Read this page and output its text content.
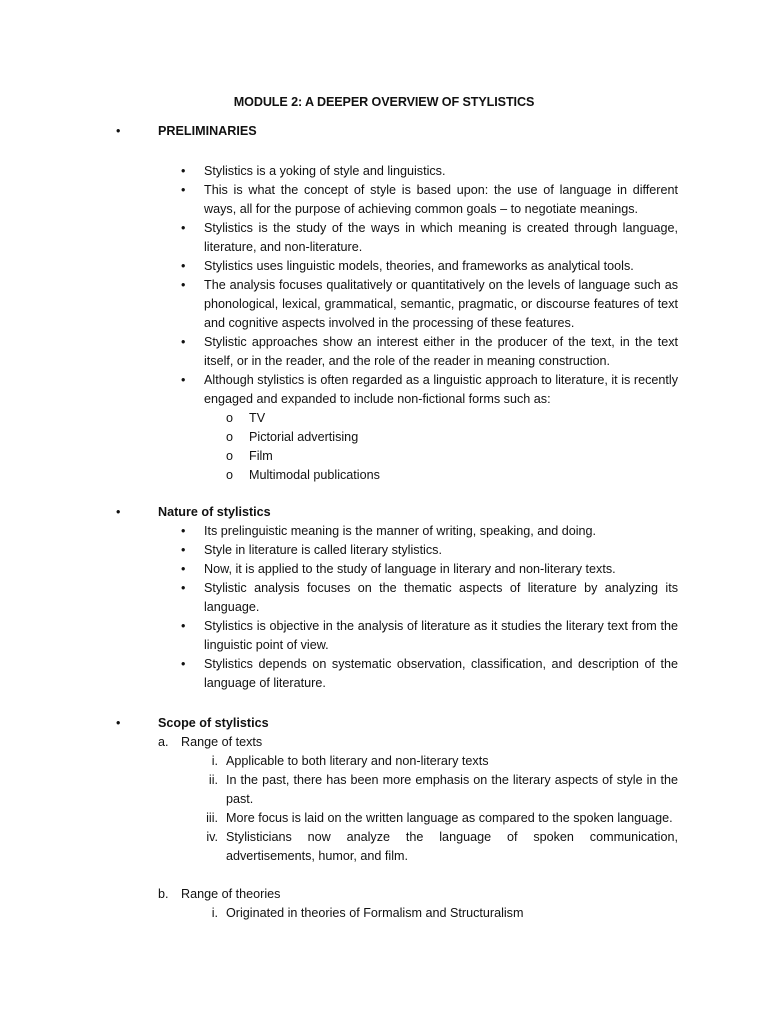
MODULE 2: A DEEPER OVERVIEW OF STYLISTICS
•	PRELIMINARIES
• Stylistics is a yoking of style and linguistics.
• This is what the concept of style is based upon: the use of language in different ways, all for the purpose of achieving common goals – to negotiate meanings.
• Stylistics is the study of the ways in which meaning is created through language, literature, and non-literature.
• Stylistics uses linguistic models, theories, and frameworks as analytical tools.
• The analysis focuses qualitatively or quantitatively on the levels of language such as phonological, lexical, grammatical, semantic, pragmatic, or discourse features of text and cognitive aspects involved in the processing of these features.
• Stylistic approaches show an interest either in the producer of the text, in the text itself, or in the reader, and the role of the reader in meaning construction.
• Although stylistics is often regarded as a linguistic approach to literature, it is recently engaged and expanded to include non-fictional forms such as:
o TV
o Pictorial advertising
o Film
o Multimodal publications
•	Nature of stylistics
• Its prelinguistic meaning is the manner of writing, speaking, and doing.
• Style in literature is called literary stylistics.
• Now, it is applied to the study of language in literary and non-literary texts.
• Stylistic analysis focuses on the thematic aspects of literature by analyzing its language.
• Stylistics is objective in the analysis of literature as it studies the literary text from the linguistic point of view.
• Stylistics depends on systematic observation, classification, and description of the language of literature.
•	Scope of stylistics
a. Range of texts
i. Applicable to both literary and non-literary texts
ii. In the past, there has been more emphasis on the literary aspects of style in the past.
iii. More focus is laid on the written language as compared to the spoken language.
iv. Stylisticians now analyze the language of spoken communication, advertisements, humor, and film.
b. Range of theories
i. Originated in theories of Formalism and Structuralism
